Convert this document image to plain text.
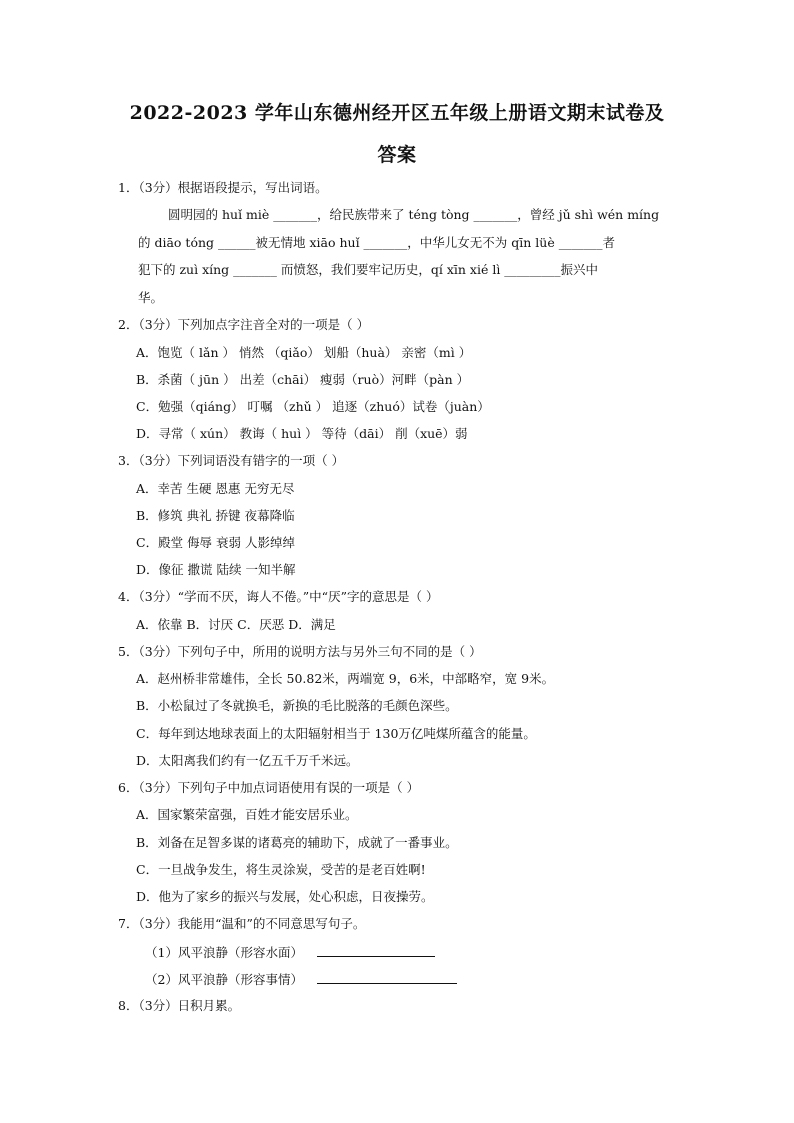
2022-2023 学年山东德州经开区五年级上册语文期末试卷及
答案
1．（3分）根据语段提示，写出词语。
圆明园的 huǐ miè _______，给民族带来了 téng tòng _______，曾经 jǔ shì wén míng
的 diāo tóng ______被无情地 xiāo huǐ _______，中华儿女无不为 qīn lüè _______者
犯下的 zuì xíng _______ 而愤怒，我们要牢记历史，qí xīn xié lì _________振兴中
华。
2．（3分）下列加点字注音全对的一项是（ ）
A．饱览（ lǎn ） 悄然 （qiǎo） 划船（huà） 亲密（mì ）
B．杀菌（ jūn ） 出差（chāi） 瘦弱（ruò）河畔（pàn ）
C．勉强（qiáng） 叮嘱 （zhǔ ） 追逐（zhuó）试卷（juàn）
D．寻常（ xún） 教诲（ huì ） 等待（dāi） 削（xuē）弱
3．（3分）下列词语没有错字的一项（ ）
A．幸苦 生硬 恩惠 无穷无尽
B．修筑 典礼 挢键 夜幕降临
C．殿堂 侮辱 衰弱 人影绰绰
D．像征 撒谎 陆续 一知半解
4．（3分）“学而不厌，诲人不倦。”中“厌”字的意思是（ ）
A．依靠 B．讨厌 C．厌恶 D．满足
5．（3分）下列句子中，所用的说明方法与另外三句不同的是（ ）
A．赵州桥非常雄伟，全长 50.82米，两端宽 9，6米，中部略窄，宽 9米。
B．小松鼠过了冬就换毛，新换的毛比脱落的毛颜色深些。
C．每年到达地球表面上的太阳辐射相当于 130万亿吨煤所蕴含的能量。
D．太阳离我们约有一亿五千万千米远。
6．（3分）下列句子中加点词语使用有误的一项是（ ）
A．国家繁荣富强，百姓才能安居乐业。
B．刘备在足智多谋的诸葛亮的辅助下，成就了一番事业。
C．一旦战争发生，将生灵涂炭，受苦的是老百姓啊!
D．他为了家乡的振兴与发展，处心积虑，日夜操劳。
7．（3分）我能用“温和”的不同意思写句子。
（1）风平浪静（形容水面）
（2）风平浪静（形容事情）
8．（3分）日积月累。
